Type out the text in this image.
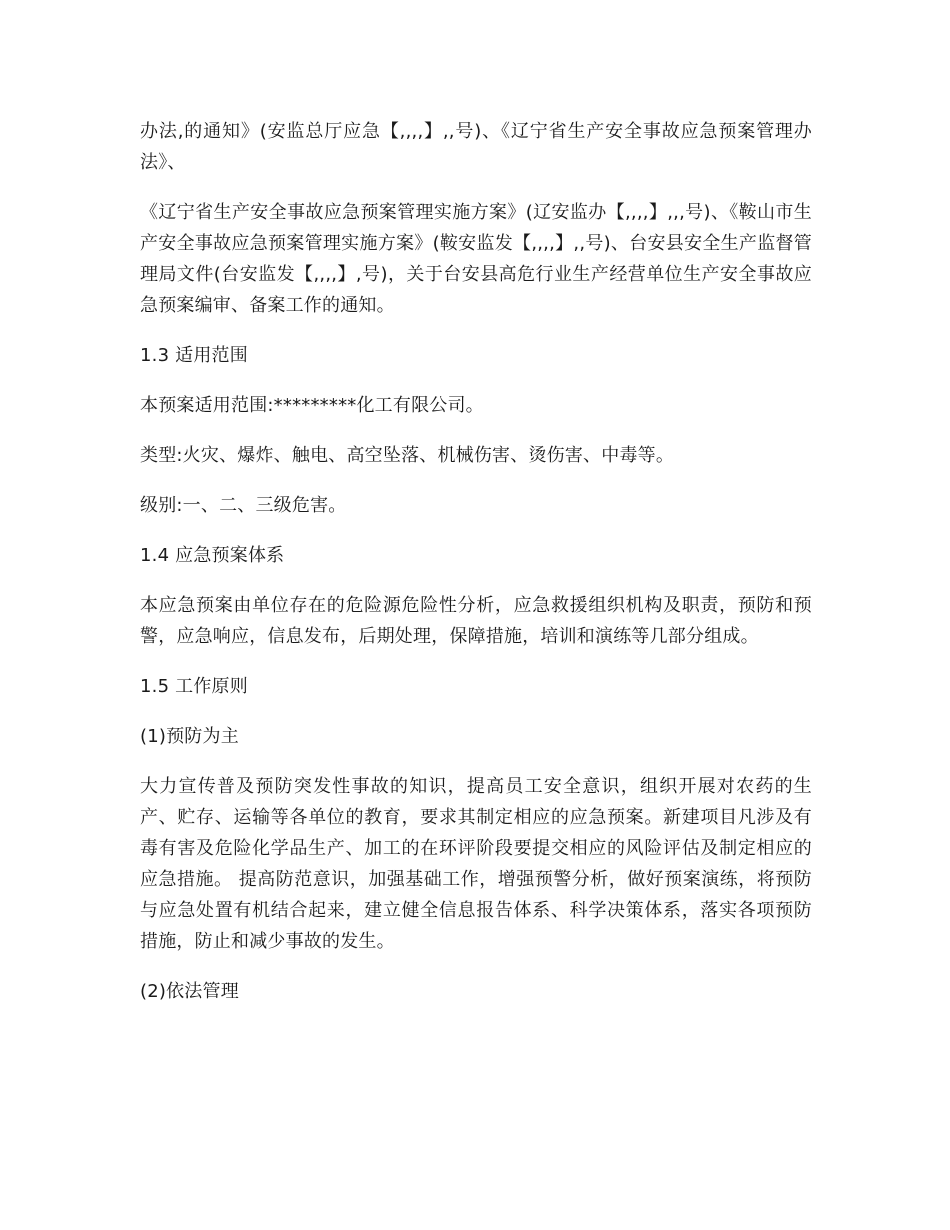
办法,的通知》(安监总厅应急【,,,,】,,号)、《辽宁省生产安全事故应急预案管理办法》、

《辽宁省生产安全事故应急预案管理实施方案》(辽安监办【,,,,】,,,号)、《鞍山市生产安全事故应急预案管理实施方案》(鞍安监发【,,,,】,,号)、台安县安全生产监督管理局文件(台安监发【,,,,】,号)，关于台安县高危行业生产经营单位生产安全事故应急预案编审、备案工作的通知。

1.3 适用范围

本预案适用范围:*********化工有限公司。

类型:火灾、爆炸、触电、高空坠落、机械伤害、烫伤害、中毒等。

级别:一、二、三级危害。

1.4 应急预案体系

本应急预案由单位存在的危险源危险性分析，应急救援组织机构及职责，预防和预警，应急响应，信息发布，后期处理，保障措施，培训和演练等几部分组成。

1.5 工作原则

(1)预防为主

大力宣传普及预防突发性事故的知识，提高员工安全意识，组织开展对农药的生产、贮存、运输等各单位的教育，要求其制定相应的应急预案。新建项目凡涉及有毒有害及危险化学品生产、加工的在环评阶段要提交相应的风险评估及制定相应的应急措施。 提高防范意识，加强基础工作，增强预警分析，做好预案演练，将预防与应急处置有机结合起来，建立健全信息报告体系、科学决策体系，落实各项预防措施，防止和减少事故的发生。

(2)依法管理
